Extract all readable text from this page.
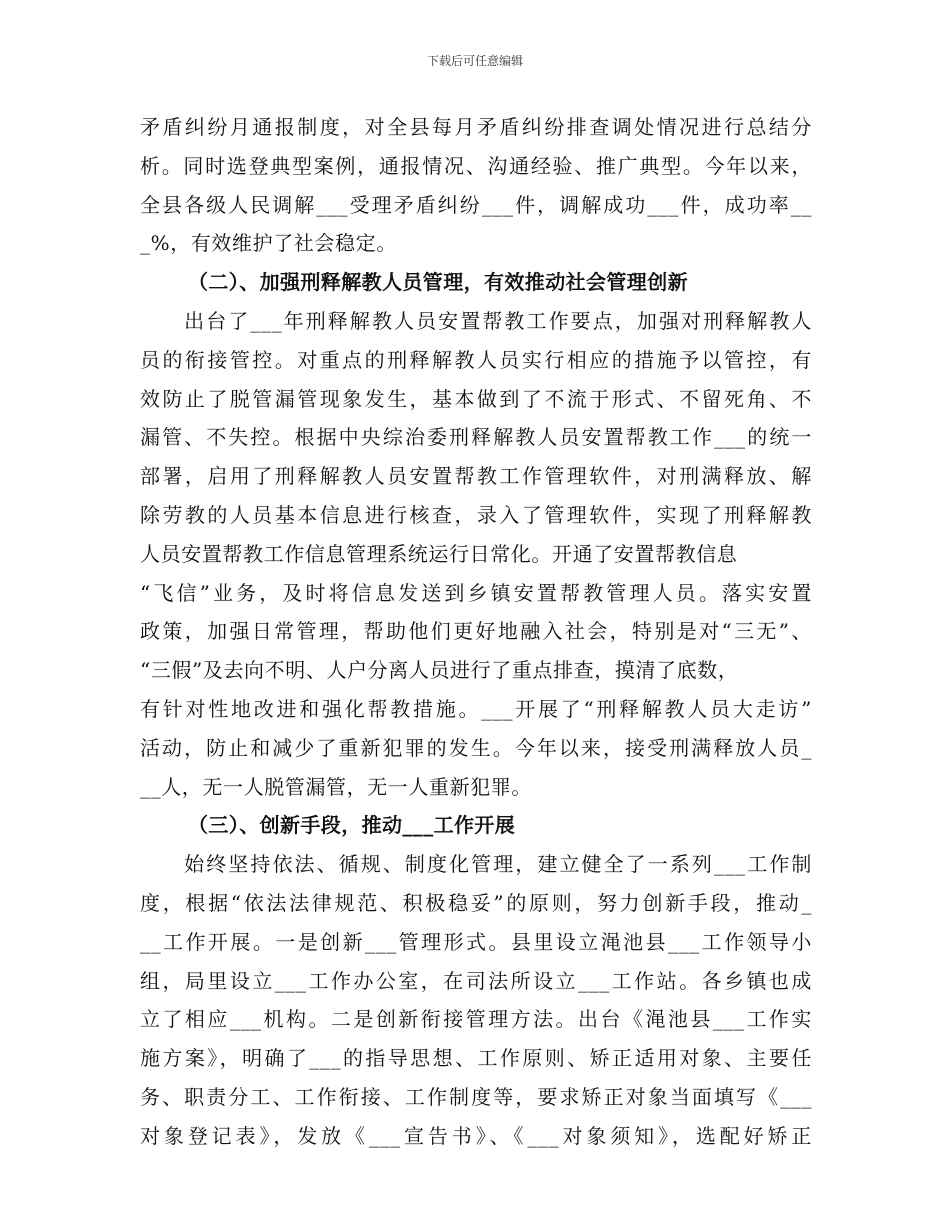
下载后可任意编辑
矛盾纠纷月通报制度，对全县每月矛盾纠纷排查调处情况进行总结分
析。同时选登典型案例，通报情况、沟通经验、推广典型。今年以来，
全县各级人民调解___受理矛盾纠纷___件，调解成功___件，成功率__
_%，有效维护了社会稳定。
（二）、加强刑释解教人员管理，有效推动社会管理创新
　　出台了___年刑释解教人员安置帮教工作要点，加强对刑释解教人
员的衔接管控。对重点的刑释解教人员实行相应的措施予以管控，有
效防止了脱管漏管现象发生，基本做到了不流于形式、不留死角、不
漏管、不失控。根据中央综治委刑释解教人员安置帮教工作___的统一
部署，启用了刑释解教人员安置帮教工作管理软件，对刑满释放、解
除劳教的人员基本信息进行核查，录入了管理软件，实现了刑释解教
人员安置帮教工作信息管理系统运行日常化。开通了安置帮教信息
“飞信”业务，及时将信息发送到乡镇安置帮教管理人员。落实安置
政策，加强日常管理，帮助他们更好地融入社会，特别是对“三无”、
“三假”及去向不明、人户分离人员进行了重点排查，摸清了底数，
有针对性地改进和强化帮教措施。___开展了“刑释解教人员大走访”
活动，防止和减少了重新犯罪的发生。今年以来，接受刑满释放人员_
__人，无一人脱管漏管，无一人重新犯罪。
（三）、创新手段，推动___工作开展
　　始终坚持依法、循规、制度化管理，建立健全了一系列___工作制
度，根据“依法法律规范、积极稳妥”的原则，努力创新手段，推动_
__工作开展。一是创新___管理形式。县里设立渑池县___工作领导小
组，局里设立___工作办公室，在司法所设立___工作站。各乡镇也成
立了相应___机构。二是创新衔接管理方法。出台《渑池县___工作实
施方案》，明确了___的指导思想、工作原则、矫正适用对象、主要任
务、职责分工、工作衔接、工作制度等，要求矫正对象当面填写《___
对象登记表》，发放《___宣告书》、《___对象须知》，选配好矫正
